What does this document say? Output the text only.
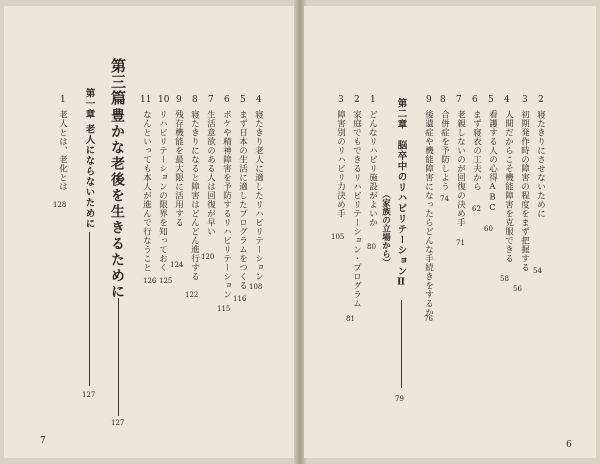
4
寝たきり老人に適したリハビリテーション
108
5
まず日本の生活に適したプログラムをつくる
116
6
ボケや精神障害を予防するリハビリテーション
115
7
生活意欲のある人は回復が早い
120
8
寝たきりになると障害はどんどん進行する
122
9
残存機能を最大限に活用する
124
10
リハビリテーションの限界を知っておく
125
11
なんといっても本人が進んで行なうこと
126
第三篇
豊かな老後を生きるために
127
第一章
老人にならないために
127
1
老人とは、老化とは
128
7
2
寝たきりにさせないために
54
3
初期発作時の障害の程度をまず把握する
56
4
人間だからこそ機能障害を克服できる
58
5
看護する人の心得ABC
60
6
まず寝衣の工夫から
62
7
老親しないのが回復の決め手
71
8
合併症を予防しよう
74
9
後遺症や機能障害になったらどんな手続きをするか
76
第二章
脳卒中のリハビリテーションⅡ
（家族の立場から）
79
1
どんなリハビリ施設がよいか
80
2
家庭でもできるリハビリテーション・プログラム
81
3
障害別のリハビリ力決め手
105
6
